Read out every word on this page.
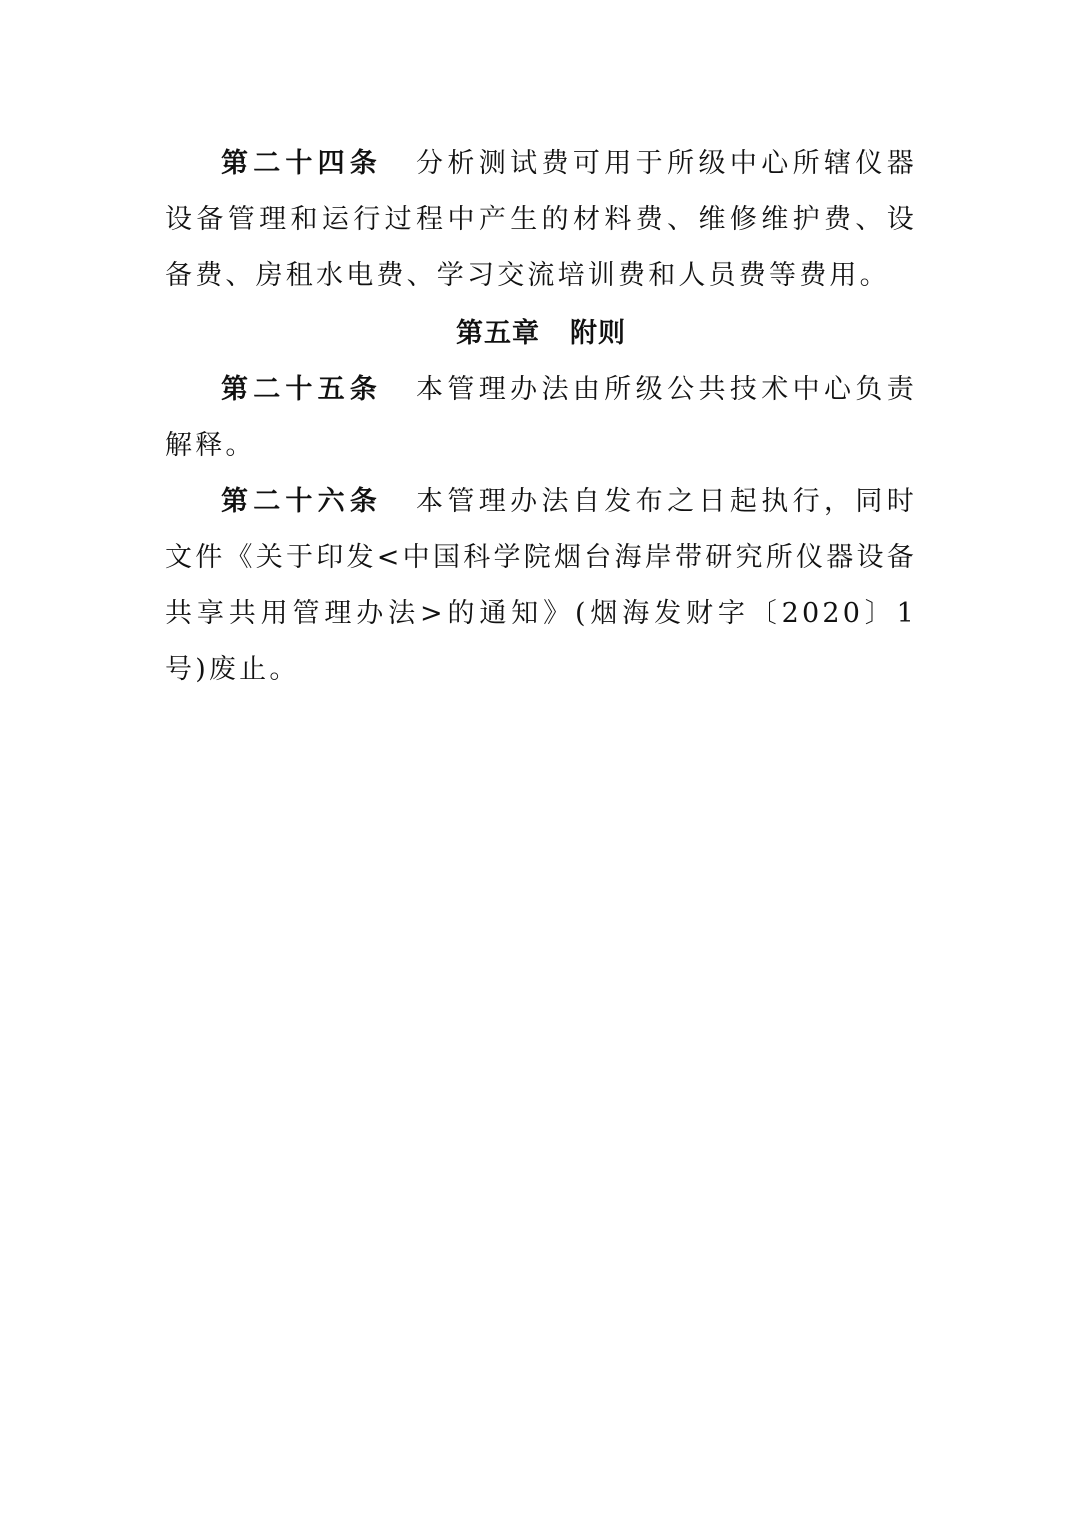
第二十四条 分析测试费可用于所级中心所辖仪器设备管理和运行过程中产生的材料费、维修维护费、设备费、房租水电费、学习交流培训费和人员费等费用。

第五章 附则

第二十五条 本管理办法由所级公共技术中心负责解释。

第二十六条 本管理办法自发布之日起执行，同时文件《关于印发<中国科学院烟台海岸带研究所仪器设备共享共用管理办法>的通知》(烟海发财字〔2020〕1号)废止。
